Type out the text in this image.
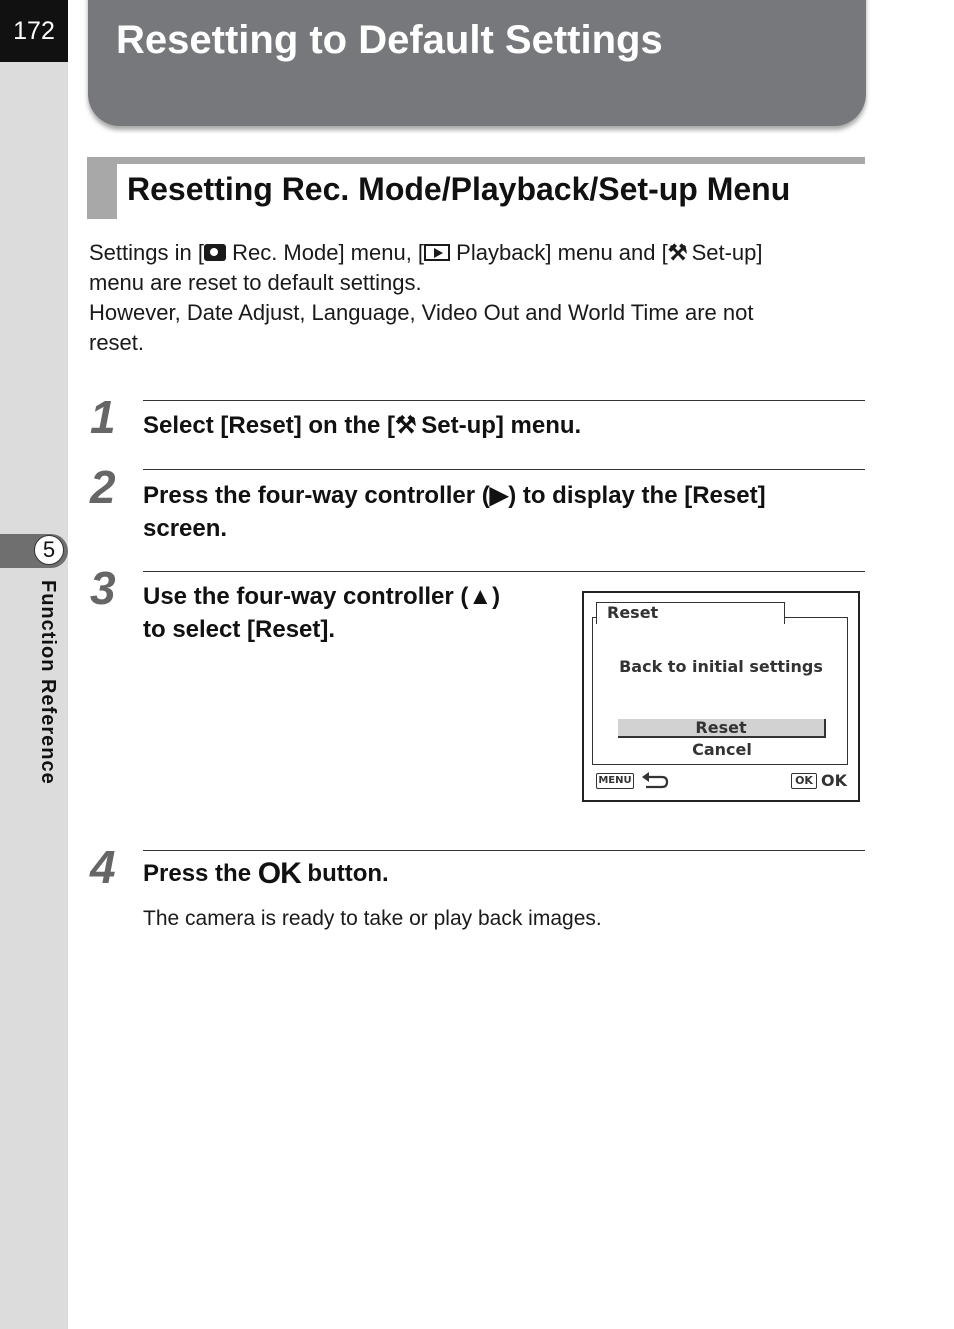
172
5
Function Reference
Resetting to Default Settings
Resetting Rec. Mode/Playback/Set-up Menu

Settings in [ Rec. Mode] menu, [ Playback] menu and [⚒ Set-up]

menu are reset to default settings.

However, Date Adjust, Language, Video Out and World Time are not

reset.

1 Select [Reset] on the [⚒ Set-up] menu.
2 Press the four-way controller (▶) to display the [Reset]
screen.
3 Use the four-way controller (▲)
to select [Reset].
Reset
Back to initial settings
Reset
Cancel
MENU	OK OK
4 Press the OK button.
The camera is ready to take or play back images.
